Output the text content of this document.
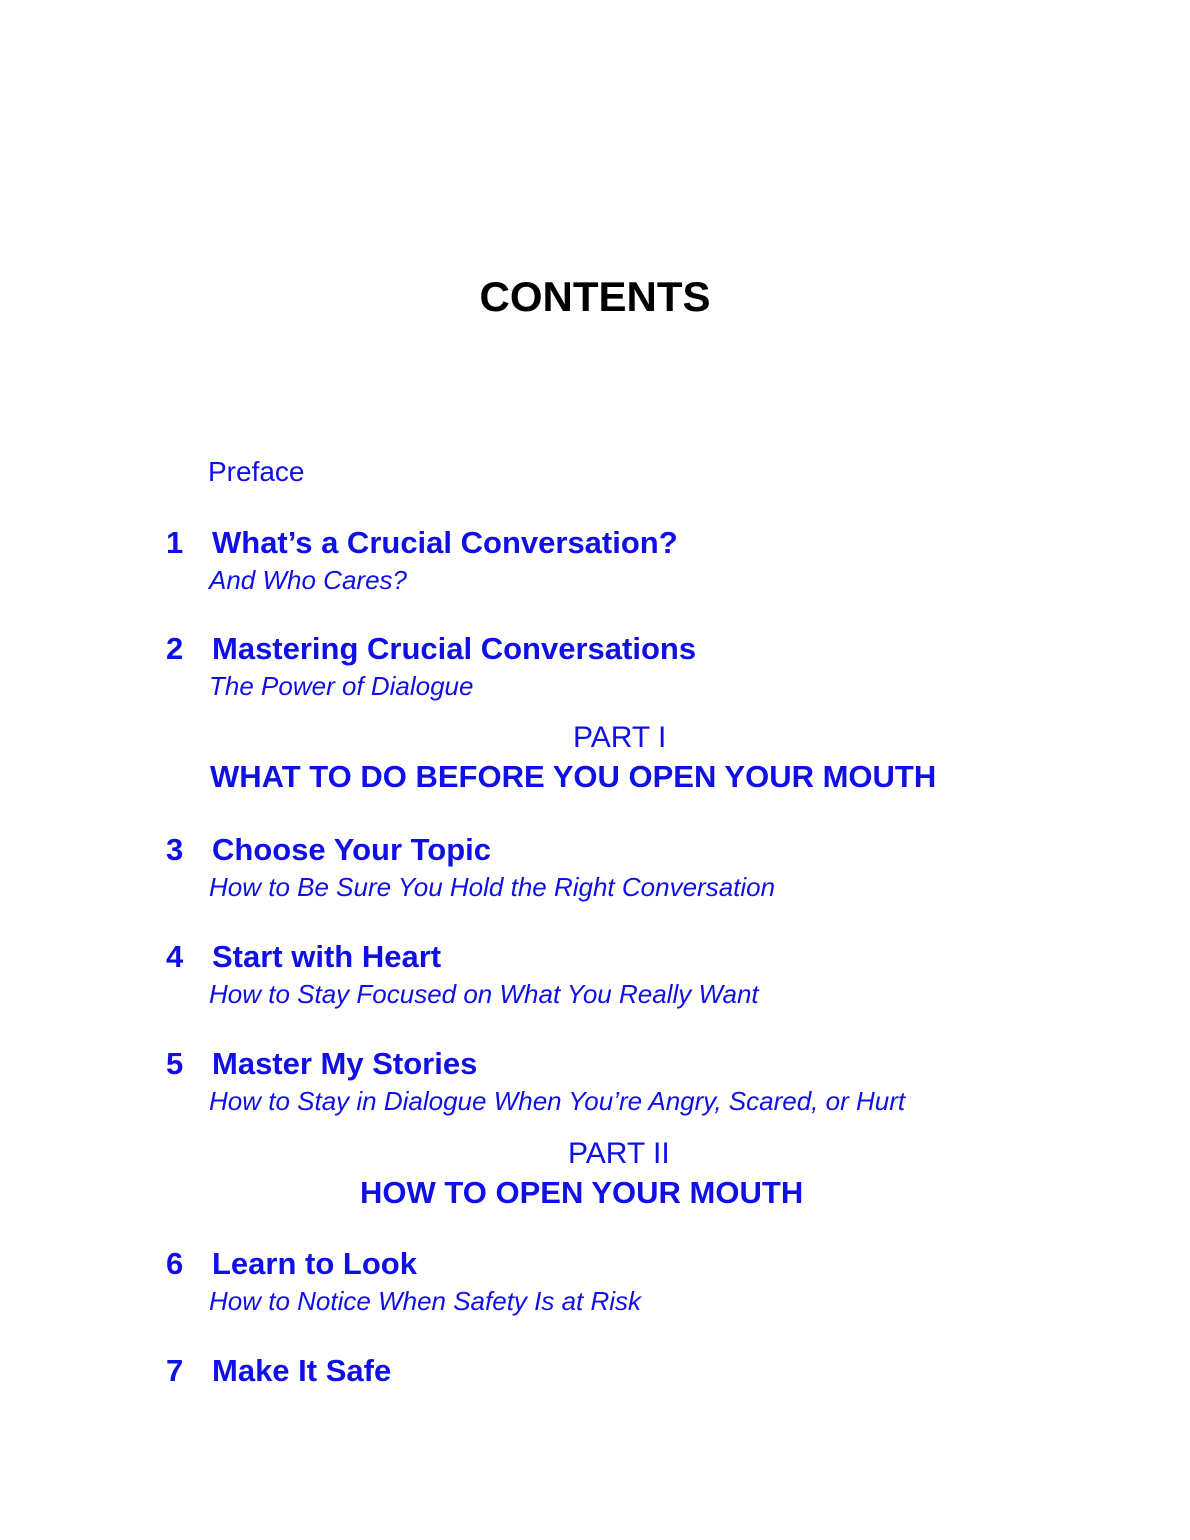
CONTENTS
Preface
1 What’s a Crucial Conversation?
And Who Cares?
2 Mastering Crucial Conversations
The Power of Dialogue
PART I
WHAT TO DO BEFORE YOU OPEN YOUR MOUTH
3 Choose Your Topic
How to Be Sure You Hold the Right Conversation
4 Start with Heart
How to Stay Focused on What You Really Want
5 Master My Stories
How to Stay in Dialogue When You’re Angry, Scared, or Hurt
PART II
HOW TO OPEN YOUR MOUTH
6 Learn to Look
How to Notice When Safety Is at Risk
7 Make It Safe
